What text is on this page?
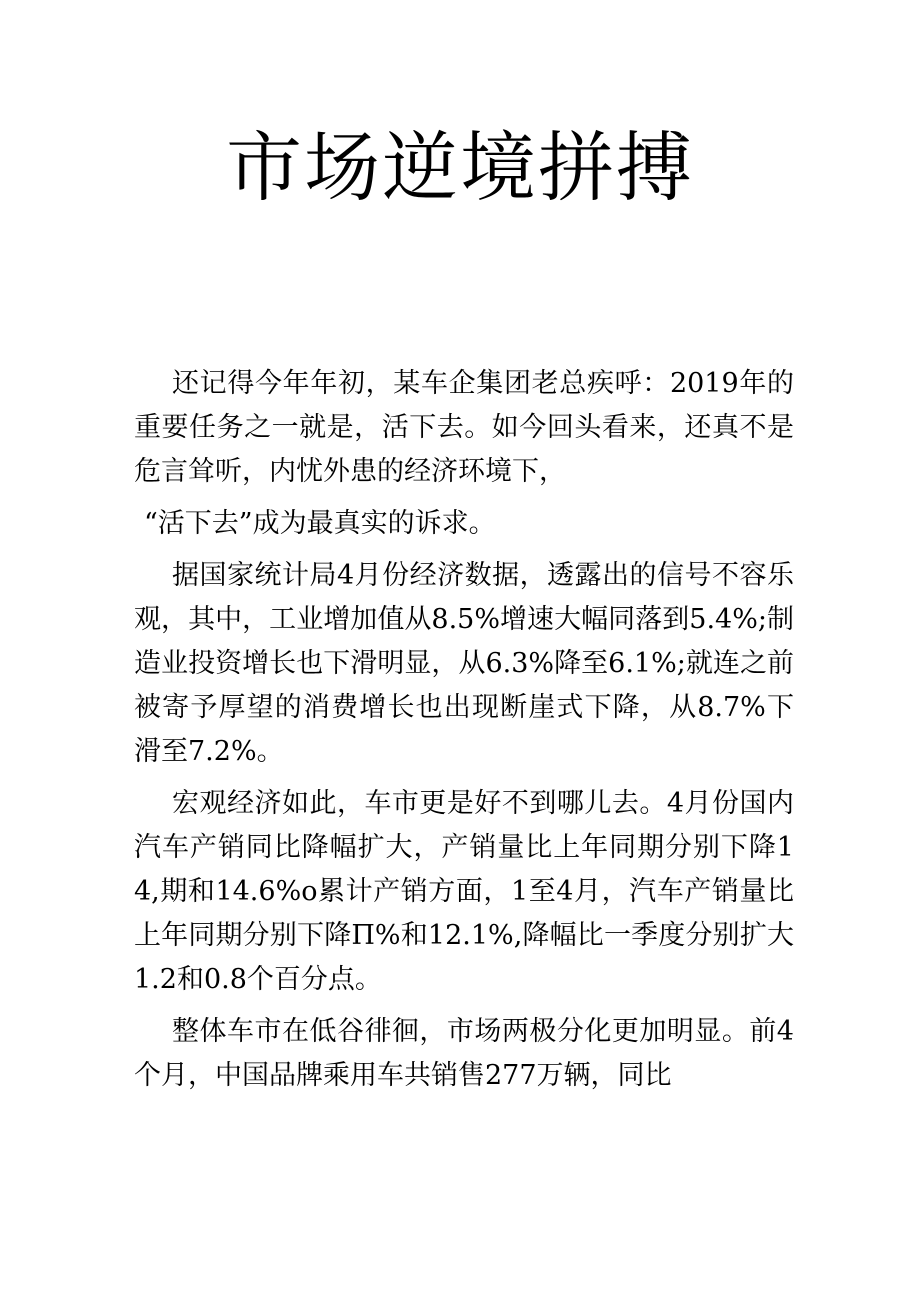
市场逆境拼搏

还记得今年年初，某车企集团老总疾呼：2019年的重要任务之一就是，活下去。如今回头看来，还真不是危言耸听，内忧外患的经济环境下，

“活下去”成为最真实的诉求。

据国家统计局4月份经济数据，透露出的信号不容乐观，其中，工业增加值从8.5%增速大幅同落到5.4%;制造业投资增长也下滑明显，从6.3%降至6.1%;就连之前被寄予厚望的消费增长也出现断崖式下降，从8.7%下滑至7.2%。

宏观经济如此，车市更是好不到哪儿去。4月份国内汽车产销同比降幅扩大，产销量比上年同期分别下降14,期和14.6%o累计产销方面，1至4月，汽车产销量比上年同期分别下降Π%和12.1%,降幅比一季度分别扩大1.2和0.8个百分点。

整体车市在低谷徘徊，市场两极分化更加明显。前4个月，中国品牌乘用车共销售277万辆，同比
